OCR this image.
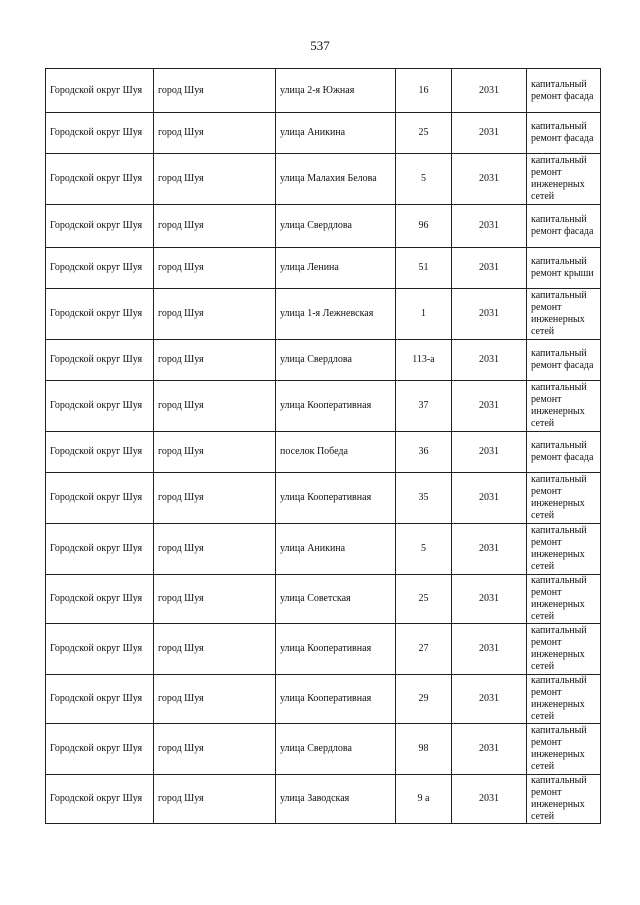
537
Городской округ Шуя	город Шуя	улица 2-я Южная	16	2031	капитальный ремонт фасада
Городской округ Шуя	город Шуя	улица Аникина	25	2031	капитальный ремонт фасада
Городской округ Шуя	город Шуя	улица Малахия Белова	5	2031	капитальный ремонт инженерных сетей
Городской округ Шуя	город Шуя	улица Свердлова	96	2031	капитальный ремонт фасада
Городской округ Шуя	город Шуя	улица Ленина	51	2031	капитальный ремонт крыши
Городской округ Шуя	город Шуя	улица 1-я Лежневская	1	2031	капитальный ремонт инженерных сетей
Городской округ Шуя	город Шуя	улица Свердлова	113-а	2031	капитальный ремонт фасада
Городской округ Шуя	город Шуя	улица Кооперативная	37	2031	капитальный ремонт инженерных сетей
Городской округ Шуя	город Шуя	поселок Победа	36	2031	капитальный ремонт фасада
Городской округ Шуя	город Шуя	улица Кооперативная	35	2031	капитальный ремонт инженерных сетей
Городской округ Шуя	город Шуя	улица Аникина	5	2031	капитальный ремонт инженерных сетей
Городской округ Шуя	город Шуя	улица Советская	25	2031	капитальный ремонт инженерных сетей
Городской округ Шуя	город Шуя	улица Кооперативная	27	2031	капитальный ремонт инженерных сетей
Городской округ Шуя	город Шуя	улица Кооперативная	29	2031	капитальный ремонт инженерных сетей
Городской округ Шуя	город Шуя	улица Свердлова	98	2031	капитальный ремонт инженерных сетей
Городской округ Шуя	город Шуя	улица Заводская	9 а	2031	капитальный ремонт инженерных сетей
